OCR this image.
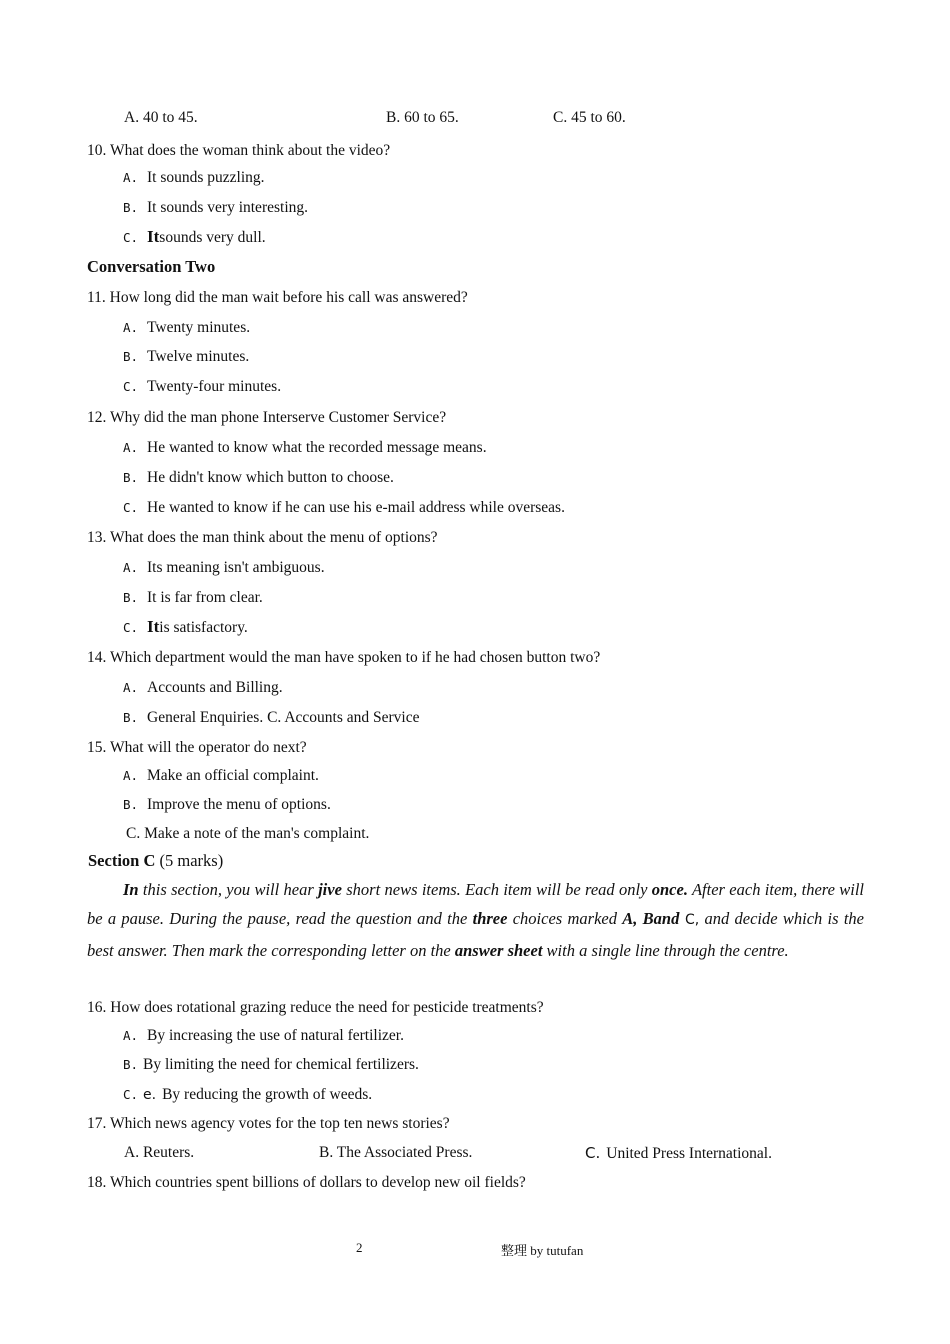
A. 40 to 45.	B. 60 to 65.	C. 45 to 60.
10. What does the woman think about the video?
A. It sounds puzzling.
B. It sounds very interesting.
C. Itsounds very dull.
Conversation Two
11. How long did the man wait before his call was answered?
A. Twenty minutes.
B. Twelve minutes.
C. Twenty-four minutes.
12. Why did the man phone Interserve Customer Service?
A. He wanted to know what the recorded message means.
B. He didn't know which button to choose.
C. He wanted to know if he can use his e-mail address while overseas.
13. What does the man think about the menu of options?
A. Its meaning isn't ambiguous.
B. It is far from clear.
C. Itis satisfactory.
14. Which department would the man have spoken to if he had chosen button two?
A. Accounts and Billing.
B. General Enquiries. C. Accounts and Service
15. What will the operator do next?
A. Make an official complaint.
B. Improve the menu of options.
C. Make a note of the man's complaint.
Section C (5 marks)
In this section, you will hear jive short news items. Each item will be read only once. After each item, there will be a pause. During the pause, read the question and the three choices marked A, Band C, and decide which is the best answer. Then mark the corresponding letter on the answer sheet with a single line through the centre.
16. How does rotational grazing reduce the need for pesticide treatments?
A. By increasing the use of natural fertilizer.
B. By limiting the need for chemical fertilizers.
C. e. By reducing the growth of weeds.
17. Which news agency votes for the top ten news stories?
A. Reuters.	B. The Associated Press.	C. United Press International.
18. Which countries spent billions of dollars to develop new oil fields?
2	整理 by tutufan
